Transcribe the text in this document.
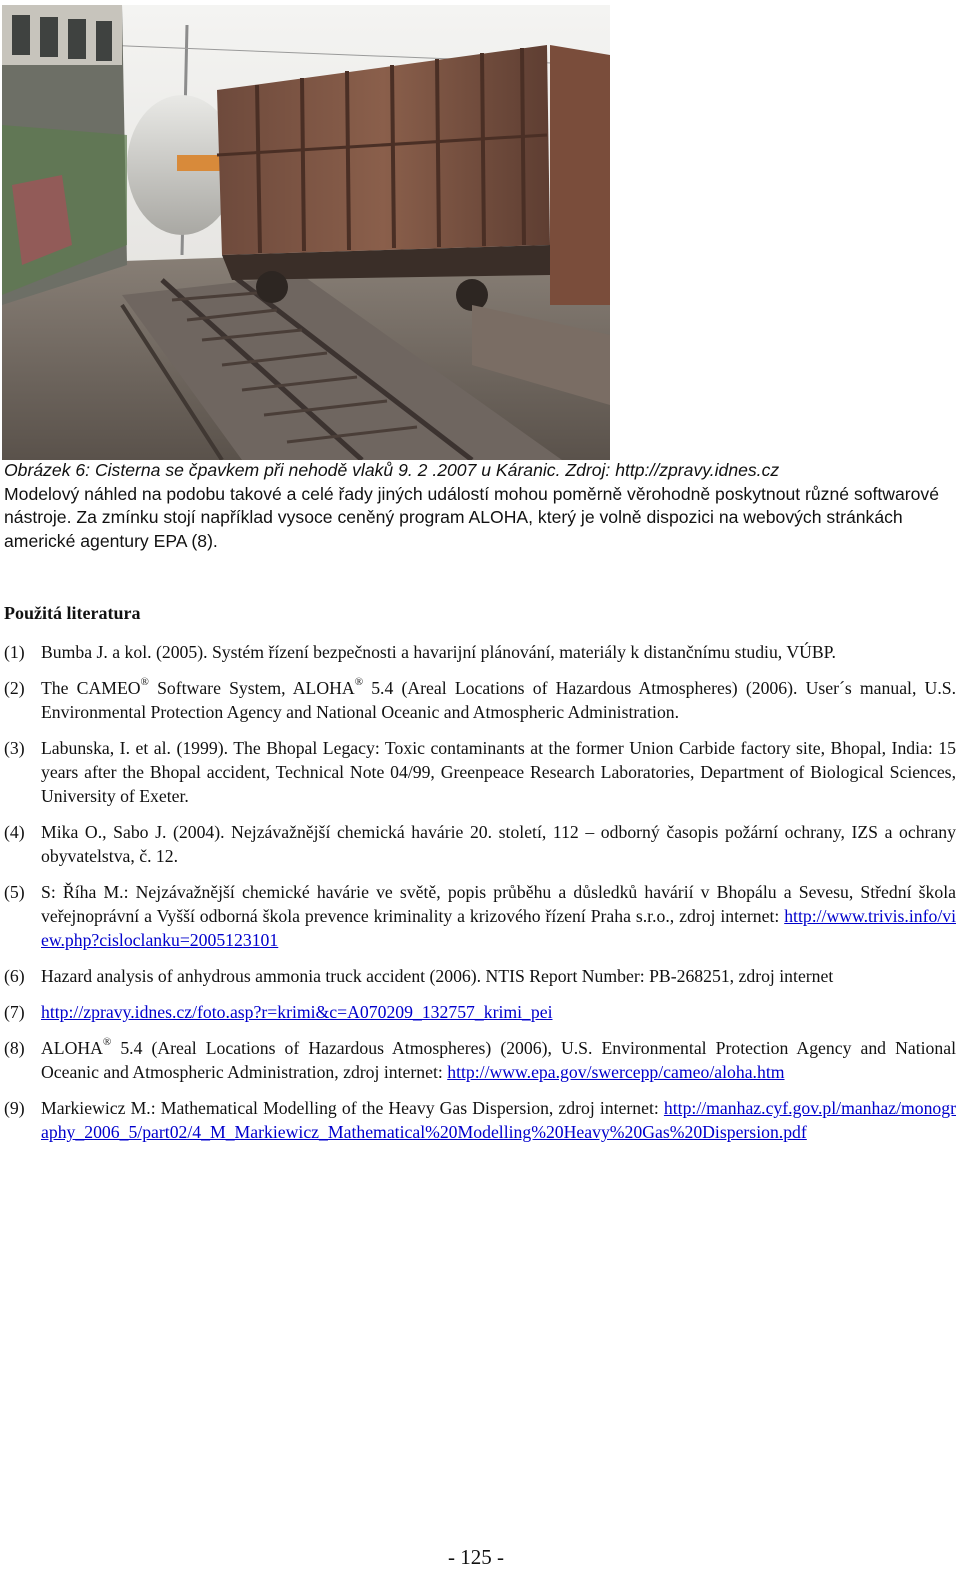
Obrázek 6: Cisterna se čpavkem při nehodě vlaků 9. 2 .2007 u Káranic. Zdroj: http://zpravy.idnes.cz
Modelový náhled na podobu takové a celé řady jiných událostí mohou poměrně věrohodně poskytnout různé softwarové nástroje. Za zmínku stojí například vysoce ceněný program ALOHA, který je volně dispozici na webových stránkách americké agentury EPA (8).
Použitá literatura
(1) Bumba J. a kol. (2005). Systém řízení bezpečnosti a havarijní plánování, materiály k distančnímu studiu, VÚBP.
(2) The CAMEO® Software System, ALOHA® 5.4 (Areal Locations of Hazardous Atmospheres) (2006). User´s manual, U.S. Environmental Protection Agency and National Oceanic and Atmospheric Administration.
(3) Labunska, I. et al. (1999). The Bhopal Legacy: Toxic contaminants at the former Union Carbide factory site, Bhopal, India: 15 years after the Bhopal accident, Technical Note 04/99, Greenpeace Research Laboratories, Department of Biological Sciences, University of Exeter.
(4) Mika O., Sabo J. (2004). Nejzávažnější chemická havárie 20. století, 112 – odborný časopis požární ochrany, IZS a ochrany obyvatelstva, č. 12.
(5) S: Říha M.: Nejzávažnější chemické havárie ve světě, popis průběhu a důsledků havárií v Bhopálu a Sevesu, Střední škola veřejnoprávní a Vyšší odborná škola prevence kriminality a krizového řízení Praha s.r.o., zdroj internet: http://www.trivis.info/view.php?cisloclanku=2005123101
(6) Hazard analysis of anhydrous ammonia truck accident (2006). NTIS Report Number: PB-268251, zdroj internet
(7) http://zpravy.idnes.cz/foto.asp?r=krimi&c=A070209_132757_krimi_pei
(8) ALOHA® 5.4 (Areal Locations of Hazardous Atmospheres) (2006), U.S. Environmental Protection Agency and National Oceanic and Atmospheric Administration, zdroj internet: http://www.epa.gov/swercepp/cameo/aloha.htm
(9) Markiewicz M.: Mathematical Modelling of the Heavy Gas Dispersion, zdroj internet: http://manhaz.cyf.gov.pl/manhaz/monography_2006_5/part02/4_M_Markiewicz_Mathematical%20Modelling%20Heavy%20Gas%20Dispersion.pdf
- 125 -
